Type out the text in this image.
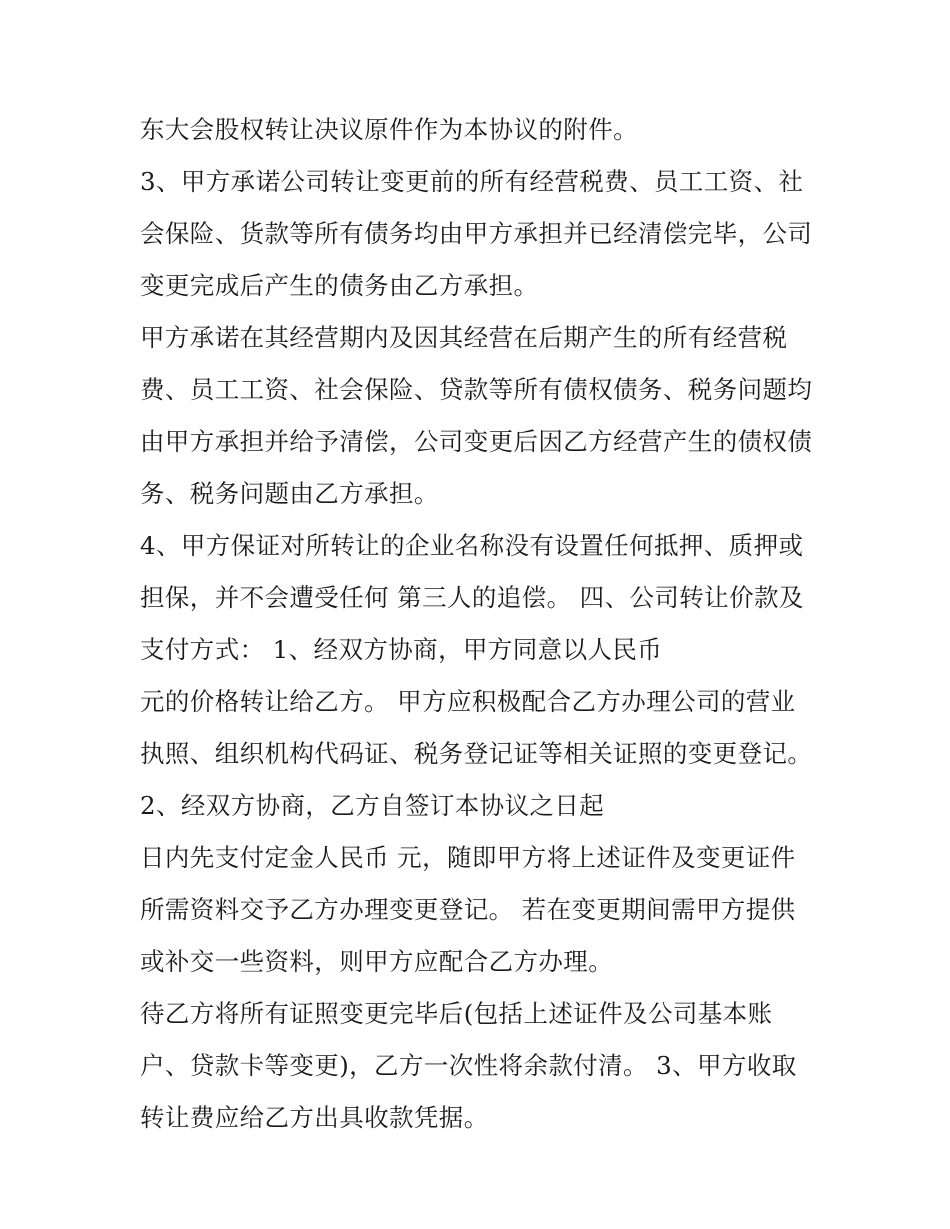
东大会股权转让决议原件作为本协议的附件。
3、甲方承诺公司转让变更前的所有经营税费、员工工资、社
会保险、货款等所有债务均由甲方承担并已经清偿完毕，公司
变更完成后产生的债务由乙方承担。
甲方承诺在其经营期内及因其经营在后期产生的所有经营税
费、员工工资、社会保险、贷款等所有债权债务、税务问题均
由甲方承担并给予清偿，公司变更后因乙方经营产生的债权债
务、税务问题由乙方承担。
4、甲方保证对所转让的企业名称没有设置任何抵押、质押或
担保，并不会遭受任何 第三人的追偿。 四、公司转让价款及
支付方式： 1、经双方协商，甲方同意以人民币
元的价格转让给乙方。 甲方应积极配合乙方办理公司的营业
执照、组织机构代码证、税务登记证等相关证照的变更登记。
2、经双方协商，乙方自签订本协议之日起
日内先支付定金人民币 元，随即甲方将上述证件及变更证件
所需资料交予乙方办理变更登记。 若在变更期间需甲方提供
或补交一些资料，则甲方应配合乙方办理。
待乙方将所有证照变更完毕后(包括上述证件及公司基本账
户、贷款卡等变更)，乙方一次性将余款付清。 3、甲方收取
转让费应给乙方出具收款凭据。
